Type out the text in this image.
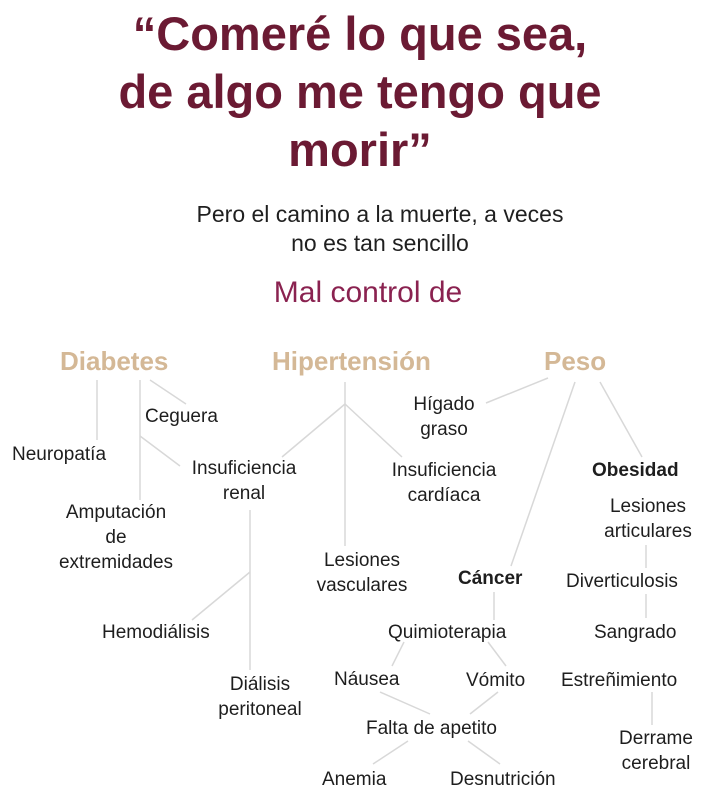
“Comeré lo que sea,
de algo me tengo que
morir”
Pero el camino a la muerte, a veces
no es tan sencillo
Mal control de
Diabetes	Hipertensión	Peso
Ceguera
Neuropatía
Insuficiencia
renal
Amputación
de
extremidades
Hemodiálisis
Diálisis
peritoneal
Hígado
graso
Insuficiencia
cardíaca
Lesiones
vasculares	Cáncer
Quimioterapia
Náusea	Vómito
Falta de apetito
Anemia	Desnutrición
Obesidad
Lesiones
articulares
Diverticulosis
Sangrado
Estreñimiento
Derrame
cerebral
